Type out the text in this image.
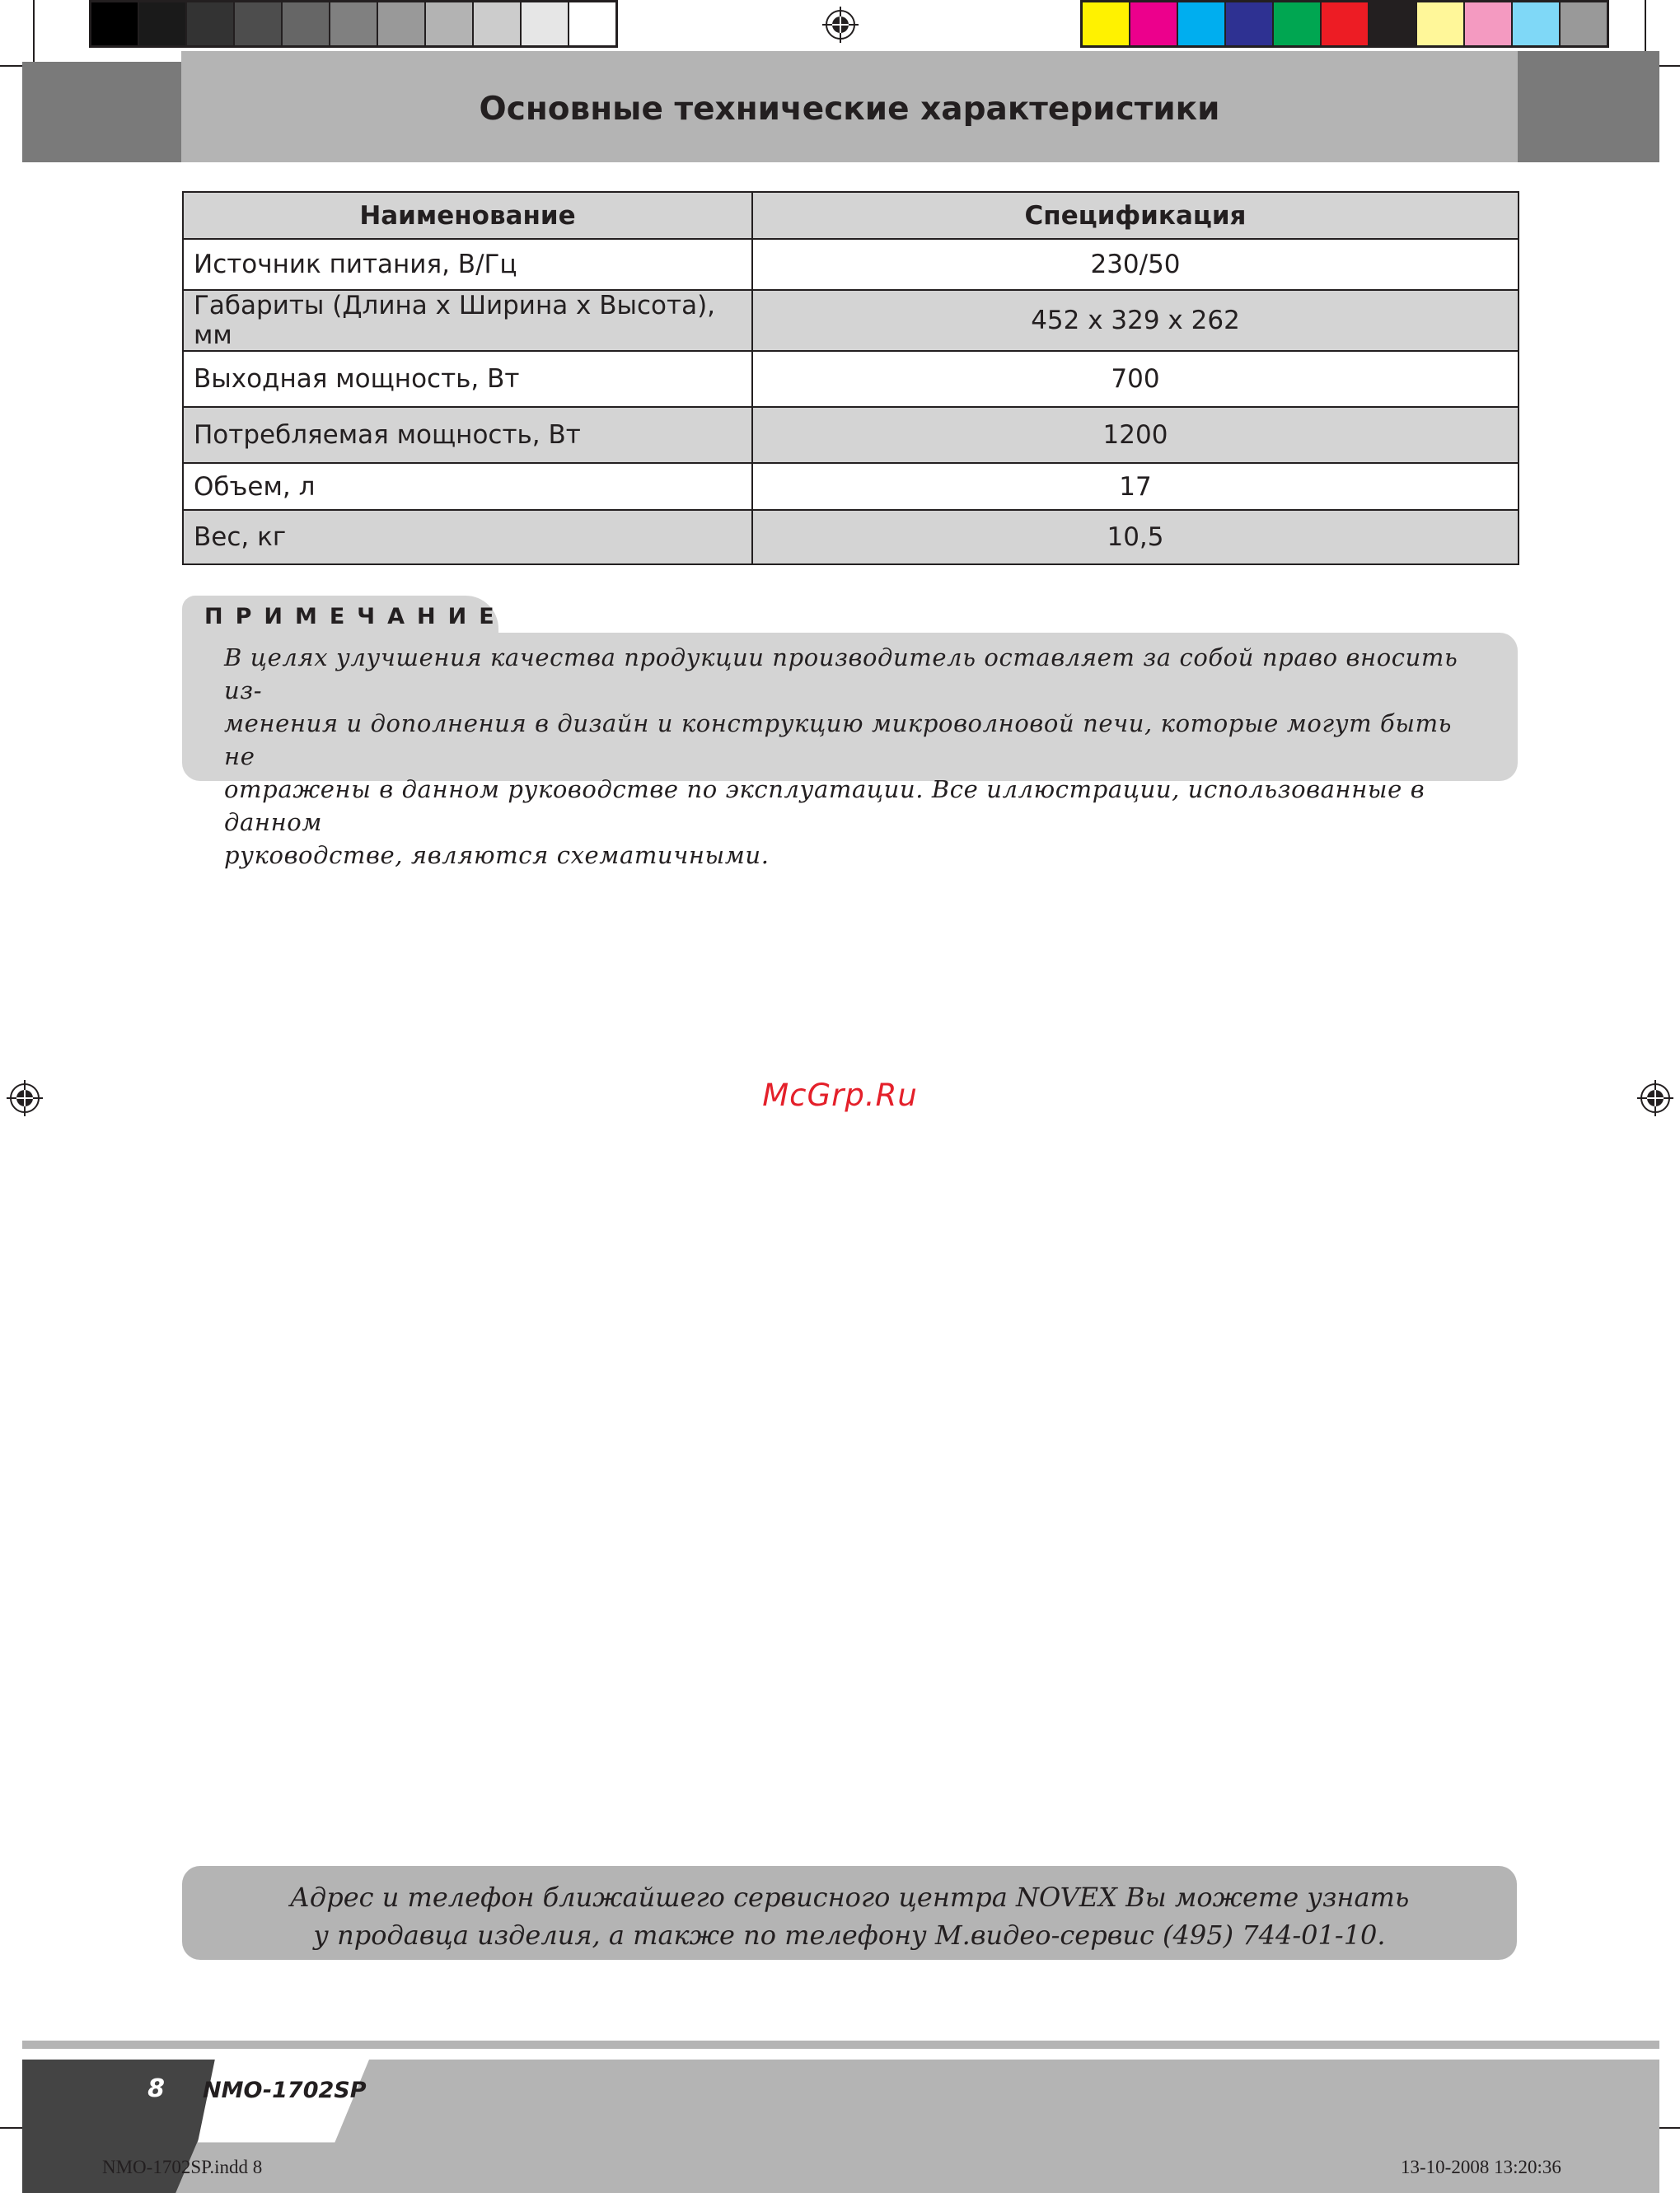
Основные технические характеристики
Наименование	Спецификация
Источник питания, В/Гц	230/50
Габариты (Длина x Ширина x Высота), мм	452 x 329 x 262
Выходная мощность, Вт	700
Потребляемая мощность, Вт	1200
Объем, л	17
Вес, кг	10,5
ПРИМЕЧАНИЕ
В целях улучшения качества продукции производитель оставляет за собой право вносить из-
менения и дополнения в дизайн и конструкцию микроволновой печи, которые могут быть не
отражены в данном руководстве по эксплуатации. Все иллюстрации, использованные в данном
руководстве, являются схематичными.
McGrp.Ru
Адрес и телефон ближайшего сервисного центра NOVEX Вы можете узнать
у продавца изделия, а также по телефону М.видео-сервис (495) 744-01-10.
8 NMO-1702SP
NMO-1702SP.indd 8	13-10-2008 13:20:36
